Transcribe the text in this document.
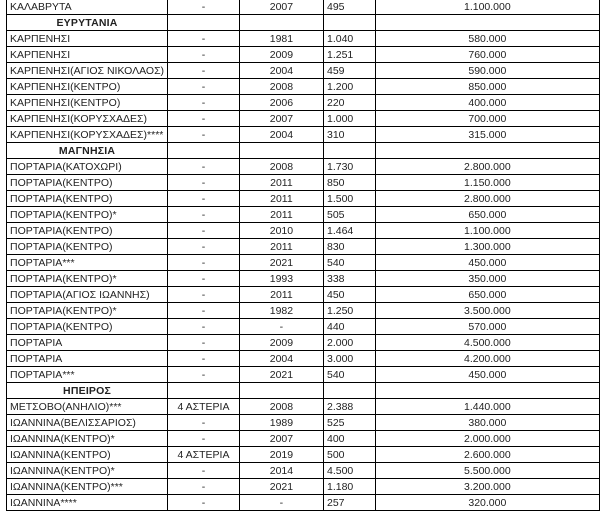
ΚΑΛΑΒΡΥΤΑ	-	2007	495	1.100.000
ΕΥΡΥΤΑΝΙΑ				
ΚΑΡΠΕΝΗΣΙ	-	1981	1.040	580.000
ΚΑΡΠΕΝΗΣΙ	-	2009	1.251	760.000
ΚΑΡΠΕΝΗΣΙ(ΑΓΙΟΣ ΝΙΚΟΛΑΟΣ)	-	2004	459	590.000
ΚΑΡΠΕΝΗΣΙ(ΚΕΝΤΡΟ)	-	2008	1.200	850.000
ΚΑΡΠΕΝΗΣΙ(ΚΕΝΤΡΟ)	-	2006	220	400.000
ΚΑΡΠΕΝΗΣΙ(ΚΟΡΥΣΧΑΔΕΣ)	-	2007	1.000	700.000
ΚΑΡΠΕΝΗΣΙ(ΚΟΡΥΣΧΑΔΕΣ)****	-	2004	310	315.000
ΜΑΓΝΗΣΙΑ				
ΠΟΡΤΑΡΙΑ(ΚΑΤΟΧΩΡΙ)	-	2008	1.730	2.800.000
ΠΟΡΤΑΡΙΑ(ΚΕΝΤΡΟ)	-	2011	850	1.150.000
ΠΟΡΤΑΡΙΑ(ΚΕΝΤΡΟ)	-	2011	1.500	2.800.000
ΠΟΡΤΑΡΙΑ(ΚΕΝΤΡΟ)*	-	2011	505	650.000
ΠΟΡΤΑΡΙΑ(ΚΕΝΤΡΟ)	-	2010	1.464	1.100.000
ΠΟΡΤΑΡΙΑ(ΚΕΝΤΡΟ)	-	2011	830	1.300.000
ΠΟΡΤΑΡΙΑ***	-	2021	540	450.000
ΠΟΡΤΑΡΙΑ(ΚΕΝΤΡΟ)*	-	1993	338	350.000
ΠΟΡΤΑΡΙΑ(ΑΓΙΟΣ ΙΩΑΝΝΗΣ)	-	2011	450	650.000
ΠΟΡΤΑΡΙΑ(ΚΕΝΤΡΟ)*	-	1982	1.250	3.500.000
ΠΟΡΤΑΡΙΑ(ΚΕΝΤΡΟ)	-	-	440	570.000
ΠΟΡΤΑΡΙΑ	-	2009	2.000	4.500.000
ΠΟΡΤΑΡΙΑ	-	2004	3.000	4.200.000
ΠΟΡΤΑΡΙΑ***	-	2021	540	450.000
ΗΠΕΙΡΟΣ				
ΜΕΤΣΟΒΟ(ΑΝΗΛΙΟ)***	4 ΑΣΤΕΡΙΑ	2008	2.388	1.440.000
ΙΩΑΝΝΙΝΑ(ΒΕΛΙΣΣΑΡΙΟΣ)	-	1989	525	380.000
ΙΩΑΝΝΙΝΑ(ΚΕΝΤΡΟ)*	-	2007	400	2.000.000
ΙΩΑΝΝΙΝΑ(ΚΕΝΤΡΟ)	4 ΑΣΤΕΡΙΑ	2019	500	2.600.000
ΙΩΑΝΝΙΝΑ(ΚΕΝΤΡΟ)*	-	2014	4.500	5.500.000
ΙΩΑΝΝΙΝΑ(ΚΕΝΤΡΟ)***	-	2021	1.180	3.200.000
ΙΩΑΝΝΙΝΑ****	-	-	257	320.000
